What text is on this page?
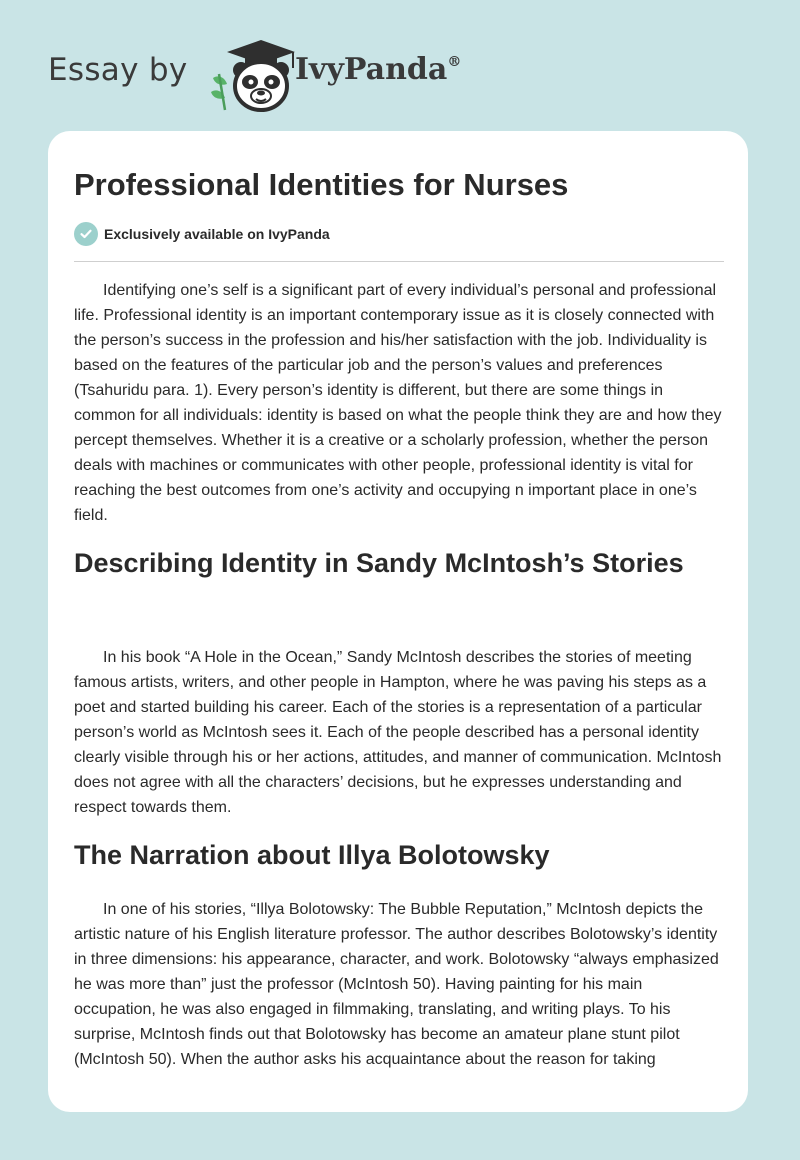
Essay by	IvyPanda®
Professional Identities for Nurses
Exclusively available on IvyPanda

Identifying one’s self is a significant part of every individual’s personal and professional life. Professional identity is an important contemporary issue as it is closely connected with the person’s success in the profession and his/her satisfaction with the job. Individuality is based on the features of the particular job and the person’s values and preferences (Tsahuridu para. 1). Every person’s identity is different, but there are some things in common for all individuals: identity is based on what the people think they are and how they percept themselves. Whether it is a creative or a scholarly profession, whether the person deals with machines or communicates with other people, professional identity is vital for reaching the best outcomes from one’s activity and occupying n important place in one’s field.

Describing Identity in Sandy McIntosh’s Stories

In his book “A Hole in the Ocean,” Sandy McIntosh describes the stories of meeting famous artists, writers, and other people in Hampton, where he was paving his steps as a poet and started building his career. Each of the stories is a representation of a particular person’s world as McIntosh sees it. Each of the people described has a personal identity clearly visible through his or her actions, attitudes, and manner of communication. McIntosh does not agree with all the characters’ decisions, but he expresses understanding and respect towards them.

The Narration about Illya Bolotowsky

In one of his stories, “Illya Bolotowsky: The Bubble Reputation,” McIntosh depicts the artistic nature of his English literature professor. The author describes Bolotowsky’s identity in three dimensions: his appearance, character, and work. Bolotowsky “always emphasized he was more than” just the professor (McIntosh 50). Having painting for his main occupation, he was also engaged in filmmaking, translating, and writing plays. To his surprise, McIntosh finds out that Bolotowsky has become an amateur plane stunt pilot (McIntosh 50). When the author asks his acquaintance about the reason for taking
